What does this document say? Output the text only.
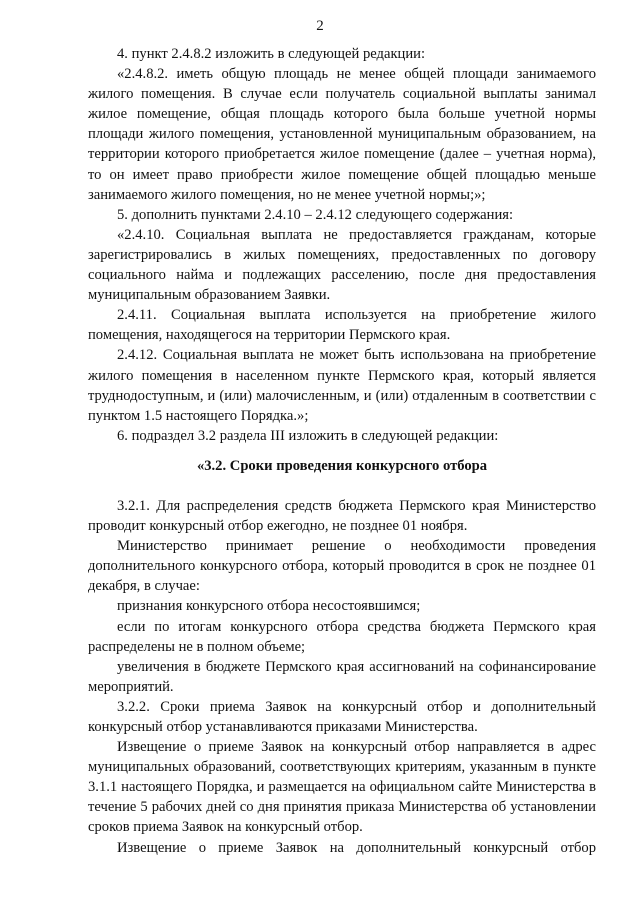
2

4. пункт 2.4.8.2 изложить в следующей редакции:

«2.4.8.2. иметь общую площадь не менее общей площади занимаемого жилого помещения. В случае если получатель социальной выплаты занимал жилое помещение, общая площадь которого была больше учетной нормы площади жилого помещения, установленной муниципальным образованием, на территории которого приобретается жилое помещение (далее – учетная норма), то он имеет право приобрести жилое помещение общей площадью меньше занимаемого жилого помещения, но не менее учетной нормы;»;

5. дополнить пунктами 2.4.10 – 2.4.12 следующего содержания:

«2.4.10. Социальная выплата не предоставляется гражданам, которые зарегистрировались в жилых помещениях, предоставленных по договору социального найма и подлежащих расселению, после дня предоставления муниципальным образованием Заявки.

2.4.11. Социальная выплата используется на приобретение жилого помещения, находящегося на территории Пермского края.

2.4.12. Социальная выплата не может быть использована на приобретение жилого помещения в населенном пункте Пермского края, который является труднодоступным, и (или) малочисленным, и (или) отдаленным в соответствии с пунктом 1.5 настоящего Порядка.»;

6. подраздел 3.2 раздела III изложить в следующей редакции:

«3.2. Сроки проведения конкурсного отбора

3.2.1. Для распределения средств бюджета Пермского края Министерство проводит конкурсный отбор ежегодно, не позднее 01 ноября.

Министерство принимает решение о необходимости проведения дополнительного конкурсного отбора, который проводится в срок не позднее 01 декабря, в случае:

признания конкурсного отбора несостоявшимся;

если по итогам конкурсного отбора средства бюджета Пермского края распределены не в полном объеме;

увеличения в бюджете Пермского края ассигнований на софинансирование мероприятий.

3.2.2. Сроки приема Заявок на конкурсный отбор и дополнительный конкурсный отбор устанавливаются приказами Министерства.

Извещение о приеме Заявок на конкурсный отбор направляется в адрес муниципальных образований, соответствующих критериям, указанным в пункте 3.1.1 настоящего Порядка, и размещается на официальном сайте Министерства в течение 5 рабочих дней со дня принятия приказа Министерства об установлении сроков приема Заявок на конкурсный отбор.

Извещение о приеме Заявок на дополнительный конкурсный отбор
